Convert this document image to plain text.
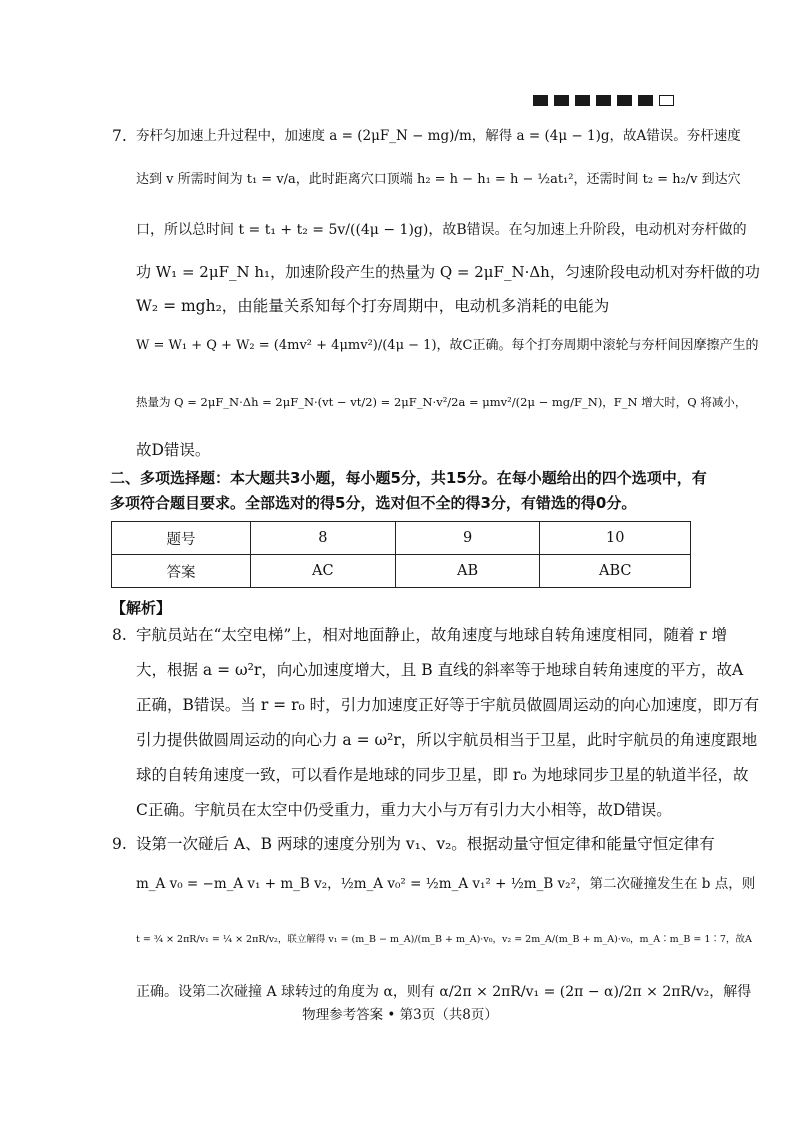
7. 夯杆匀加速上升过程中，加速度 a = (2μF_N − mg)/m，解得 a = (4μ − 1)g，故A错误。夯杆速度
达到 v 所需时间为 t₁ = v/a，此时距离穴口顶端 h₂ = h − h₁ = h − ½at₁²，还需时间 t₂ = h₂/v 到达穴
口，所以总时间 t = t₁ + t₂ = 5v/((4μ − 1)g)，故B错误。在匀加速上升阶段，电动机对夯杆做的
功 W₁ = 2μF_N h₁，加速阶段产生的热量为 Q = 2μF_N·Δh，匀速阶段电动机对夯杆做的功
W₂ = mgh₂，由能量关系知每个打夯周期中，电动机多消耗的电能为
W = W₁ + Q + W₂ = (4mv² + 4μmv²)/(4μ − 1)，故C正确。每个打夯周期中滚轮与夯杆间因摩擦产生的
热量为 Q = 2μF_N·Δh = 2μF_N·(vt − vt/2) = 2μF_N·v²/2a = μmv²/(2μ − mg/F_N)，F_N 增大时，Q 将减小，
故D错误。
二、多项选择题：本大题共3小题，每小题5分，共15分。在每小题给出的四个选项中，有
多项符合题目要求。全部选对的得5分，选对但不全的得3分，有错选的得0分。
题号	8	9	10
答案	AC	AB	ABC
【解析】
8. 宇航员站在“太空电梯”上，相对地面静止，故角速度与地球自转角速度相同，随着 r 增
大，根据 a = ω²r，向心加速度增大，且 B 直线的斜率等于地球自转角速度的平方，故A
正确，B错误。当 r = r₀ 时，引力加速度正好等于宇航员做圆周运动的向心加速度，即万有
引力提供做圆周运动的向心力 a = ω²r，所以宇航员相当于卫星，此时宇航员的角速度跟地
球的自转角速度一致，可以看作是地球的同步卫星，即 r₀ 为地球同步卫星的轨道半径，故
C正确。宇航员在太空中仍受重力，重力大小与万有引力大小相等，故D错误。
9. 设第一次碰后 A、B 两球的速度分别为 v₁、v₂。根据动量守恒定律和能量守恒定律有
m_A v₀ = −m_A v₁ + m_B v₂，½m_A v₀² = ½m_A v₁² + ½m_B v₂²，第二次碰撞发生在 b 点，则
t = ¾ × 2πR/v₁ = ¼ × 2πR/v₂，联立解得 v₁ = (m_B − m_A)/(m_B + m_A)·v₀，v₂ = 2m_A/(m_B + m_A)·v₀，m_A∶m_B = 1∶7，故A
正确。设第二次碰撞 A 球转过的角度为 α，则有 α/2π × 2πR/v₁ = (2π − α)/2π × 2πR/v₂，解得
物理参考答案 • 第3页（共8页）
